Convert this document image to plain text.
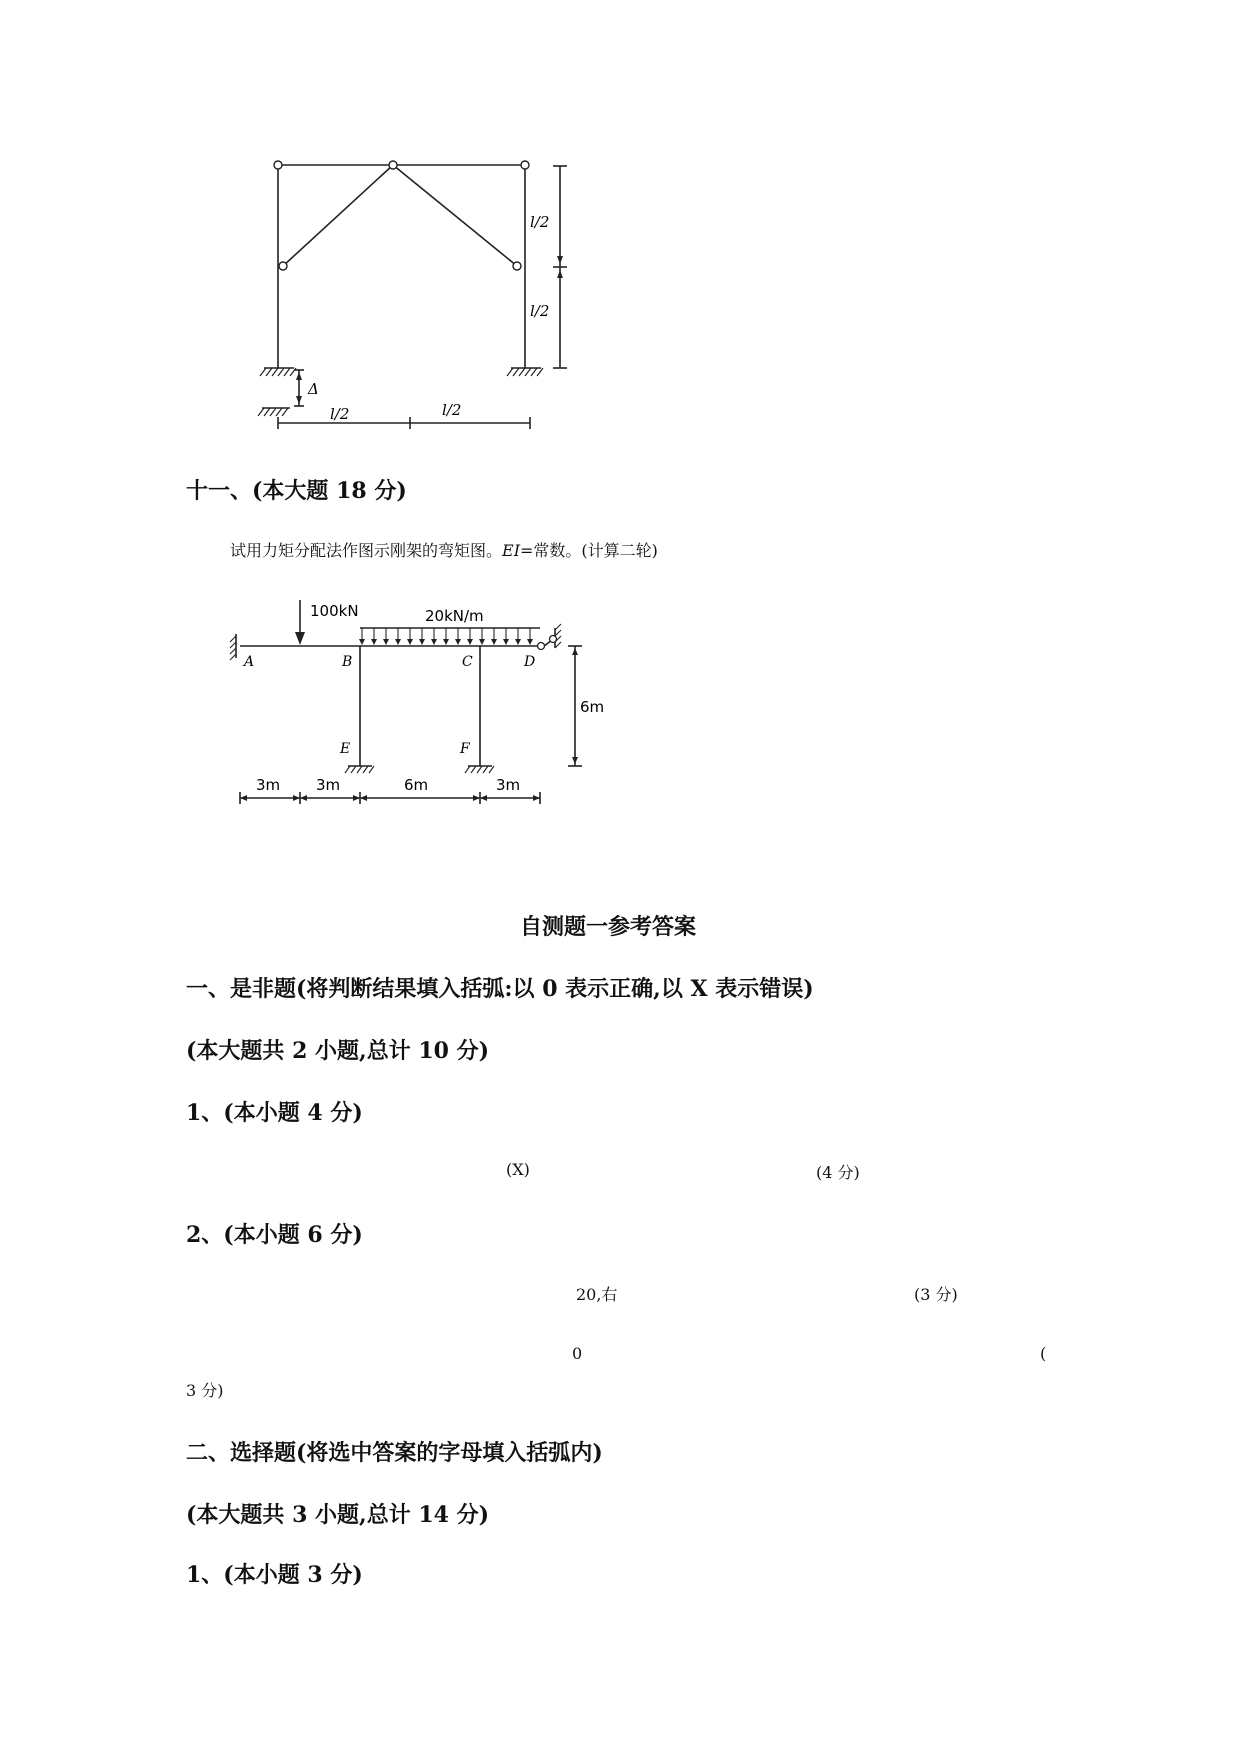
l/2
l/2
l/2	l/2
Δ
十一、(本大题 18 分)
试用力矩分配法作图示刚架的弯矩图。EI=常数。(计算二轮)
100kN	20kN/m
A	B	C	D
E	F
6m
3m 3m	6m	3m
自测题一参考答案
一、是非题(将判断结果填入括弧:以 0 表示正确,以 X 表示错误)
(本大题共 2 小题,总计 10 分)
1、(本小题 4 分)
(X)	(4 分)
2、(本小题 6 分)
20,右	(3 分)
0	(
3 分)
二、选择题(将选中答案的字母填入括弧内)
(本大题共 3 小题,总计 14 分)
1、(本小题 3 分)
